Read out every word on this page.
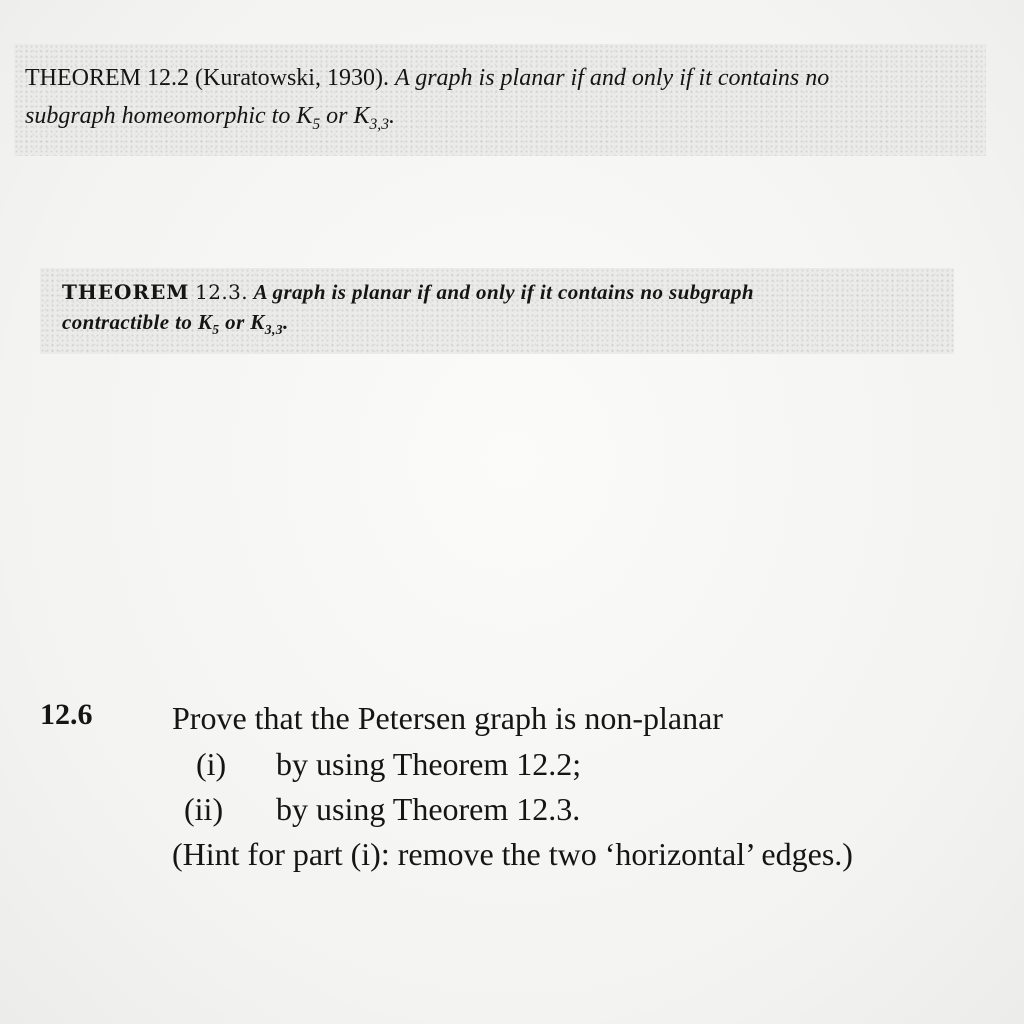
THEOREM 12.2 (Kuratowski, 1930). A graph is planar if and only if it contains no
subgraph homeomorphic to $K_5$ or $K_{3,3}$.
THEOREM 12.3. A graph is planar if and only if it contains no subgraph
contractible to $K_5$ or $K_{3,3}$.
12.6 Prove that the Petersen graph is non-planar
(i) by using Theorem 12.2;
(ii) by using Theorem 12.3.
(Hint for part (i): remove the two ‘horizontal’ edges.)
